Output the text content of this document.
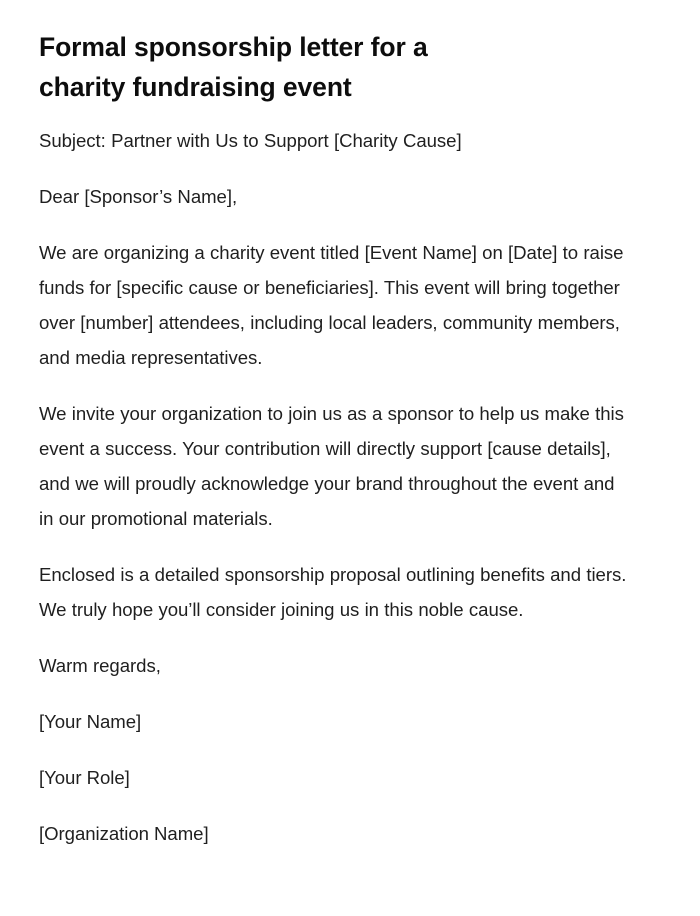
Formal sponsorship letter for a charity fundraising event

Subject: Partner with Us to Support [Charity Cause]

Dear [Sponsor’s Name],

We are organizing a charity event titled [Event Name] on [Date] to raise funds for [specific cause or beneficiaries]. This event will bring together over [number] attendees, including local leaders, community members, and media representatives.

We invite your organization to join us as a sponsor to help us make this event a success. Your contribution will directly support [cause details], and we will proudly acknowledge your brand throughout the event and in our promotional materials.

Enclosed is a detailed sponsorship proposal outlining benefits and tiers. We truly hope you’ll consider joining us in this noble cause.

Warm regards,

[Your Name]

[Your Role]

[Organization Name]
